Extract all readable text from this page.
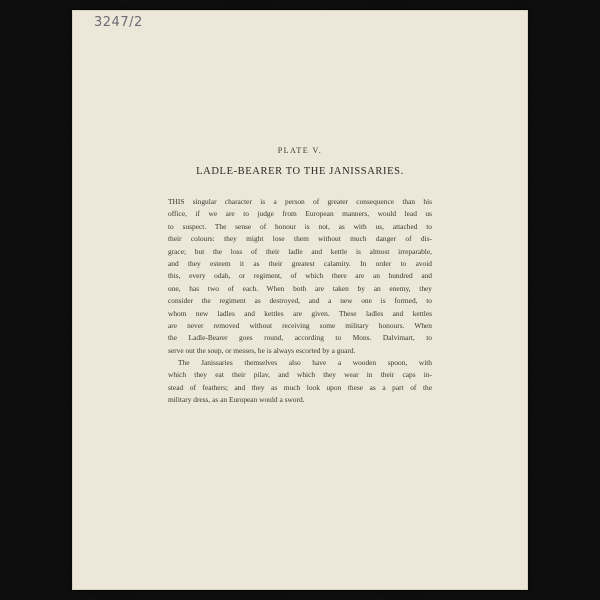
3247/2
PLATE V.
LADLE-BEARER TO THE JANISSARIES.
THIS singular character is a person of greater consequence than his
office, if we are to judge from European manners, would lead us
to suspect. The sense of honour is not, as with us, attached to
their colours: they might lose them without much danger of dis-
grace; but the loss of their ladle and kettle is almost irreparable,
and they esteem it as their greatest calamity. In order to avoid
this, every odah, or regiment, of which there are an hundred and
one, has two of each. When both are taken by an enemy, they
consider the regiment as destroyed, and a new one is formed, to
whom new ladles and kettles are given. These ladles and kettles
are never removed without receiving some military honours. When
the Ladle-Bearer goes round, according to Mons. Dalvimart, to
serve out the soup, or messes, he is always escorted by a guard.
The Janissaries themselves also have a wooden spoon, with
which they eat their pilav, and which they wear in their caps in-
stead of feathers; and they as much look upon these as a part of the
military dress, as an European would a sword.
